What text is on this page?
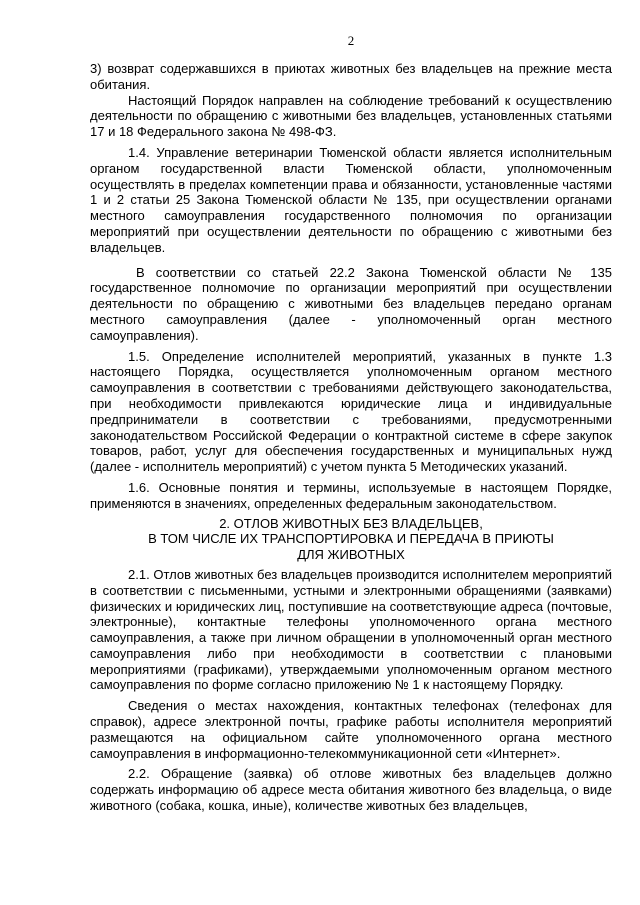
2

3) возврат содержавшихся в приютах животных без владельцев на прежние места обитания.

Настоящий Порядок направлен на соблюдение требований к осуществлению деятельности по обращению с животными без владельцев, установленных статьями 17 и 18 Федерального закона № 498-ФЗ.

1.4. Управление ветеринарии Тюменской области является исполнительным органом государственной власти Тюменской области, уполномоченным осуществлять в пределах компетенции права и обязанности, установленные частями 1 и 2 статьи 25 Закона Тюменской области № 135, при осуществлении органами местного самоуправления государственного полномочия по организации мероприятий при осуществлении деятельности по обращению с животными без владельцев.

В соответствии со статьей 22.2 Закона Тюменской области № 135 государственное полномочие по организации мероприятий при осуществлении деятельности по обращению с животными без владельцев передано органам местного самоуправления (далее - уполномоченный орган местного самоуправления).

1.5. Определение исполнителей мероприятий, указанных в пункте 1.3 настоящего Порядка, осуществляется уполномоченным органом местного самоуправления в соответствии с требованиями действующего законодательства, при необходимости привлекаются юридические лица и индивидуальные предприниматели в соответствии с требованиями, предусмотренными законодательством Российской Федерации о контрактной системе в сфере закупок товаров, работ, услуг для обеспечения государственных и муниципальных нужд (далее - исполнитель мероприятий) с учетом пункта 5 Методических указаний.

1.6. Основные понятия и термины, используемые в настоящем Порядке, применяются в значениях, определенных федеральным законодательством.

2. ОТЛОВ ЖИВОТНЫХ БЕЗ ВЛАДЕЛЬЦЕВ,
В ТОМ ЧИСЛЕ ИХ ТРАНСПОРТИРОВКА И ПЕРЕДАЧА В ПРИЮТЫ
ДЛЯ ЖИВОТНЫХ

2.1. Отлов животных без владельцев производится исполнителем мероприятий в соответствии с письменными, устными и электронными обращениями (заявками) физических и юридических лиц, поступившие на соответствующие адреса (почтовые, электронные), контактные телефоны уполномоченного органа местного самоуправления, а также при личном обращении в уполномоченный орган местного самоуправления либо при необходимости в соответствии с плановыми мероприятиями (графиками), утверждаемыми уполномоченным органом местного самоуправления по форме согласно приложению № 1 к настоящему Порядку.

Сведения о местах нахождения, контактных телефонах (телефонах для справок), адресе электронной почты, графике работы исполнителя мероприятий размещаются на официальном сайте уполномоченного органа местного самоуправления в информационно-телекоммуникационной сети «Интернет».

2.2. Обращение (заявка) об отлове животных без владельцев должно содержать информацию об адресе места обитания животного без владельца, о виде животного (собака, кошка, иные), количестве животных без владельцев,
